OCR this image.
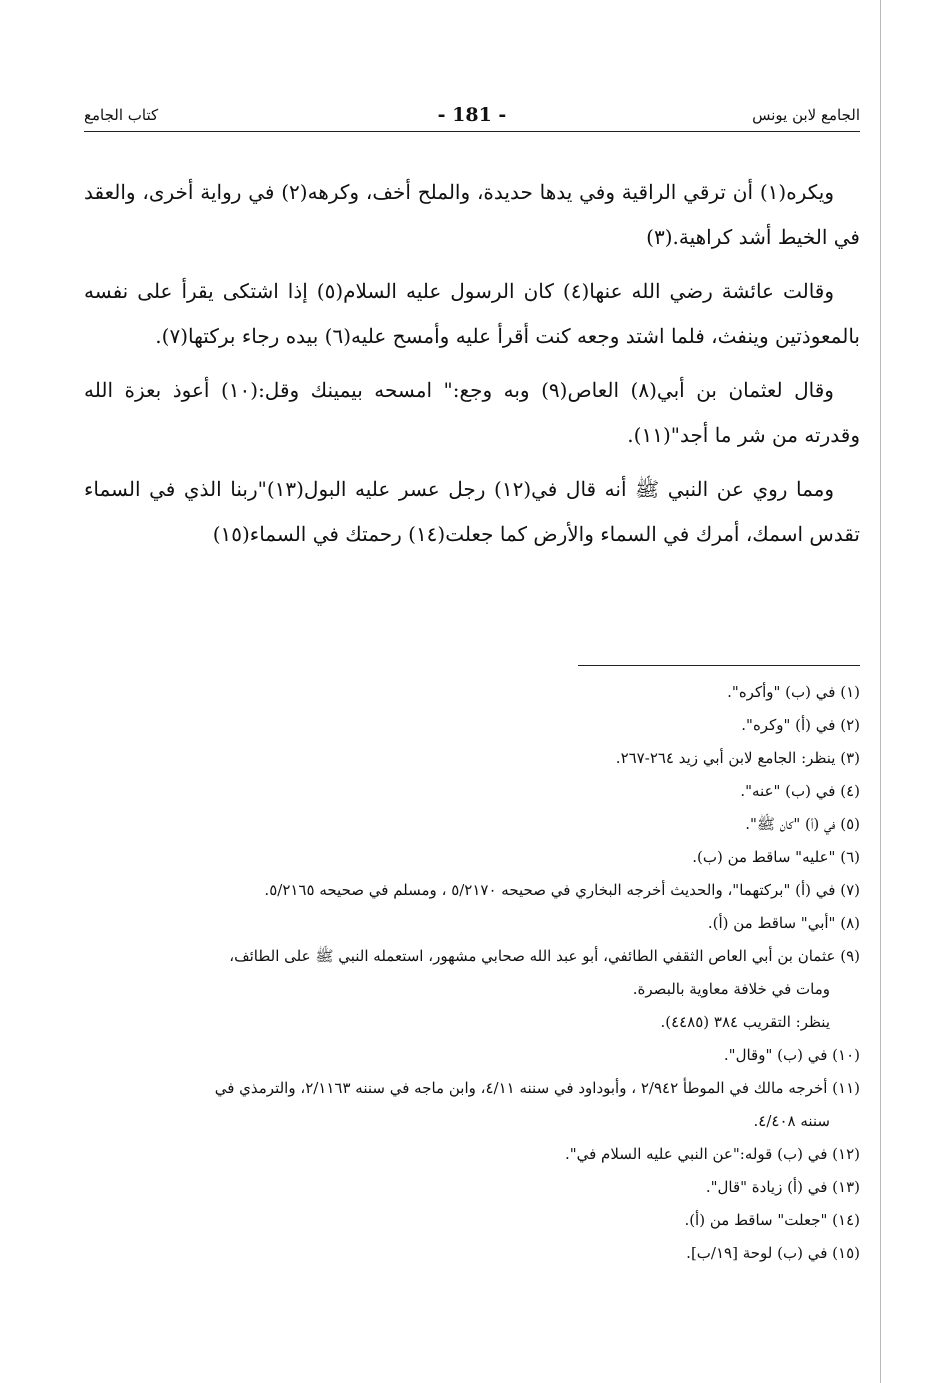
كتاب الجامع	- 181 -	الجامع لابن يونس

ويكره(١) أن ترقي الراقية وفي يدها حديدة، والملح أخف، وكرهه(٢) في رواية أخرى، والعقد في الخيط أشد كراهية.(٣)

وقالت عائشة رضي الله عنها(٤) كان الرسول عليه السلام(٥) إذا اشتكى يقرأ على نفسه بالمعوذتين وينفث، فلما اشتد وجعه كنت أقرأ عليه وأمسح عليه(٦) بيده رجاء بركتها(٧).

وقال لعثمان بن أبي(٨) العاص(٩) وبه وجع:" امسحه بيمينك وقل:(١٠) أعوذ بعزة الله وقدرته من شر ما أجد"(١١).

ومما روي عن النبي ﷺ أنه قال في(١٢) رجل عسر عليه البول(١٣)"ربنا الذي في السماء تقدس اسمك، أمرك في السماء والأرض كما جعلت(١٤) رحمتك في السماء(١٥)

(١) في (ب) "وأكره".

(٢) في (أ) "وكره".

(٣) ينظر: الجامع لابن أبي زيد ٢٦٤-٢٦٧.

(٤) في (ب) "عنه".

(٥) في (أ) "كان ﷺ".

(٦) "عليه" ساقط من (ب).

(٧) في (أ) "بركتهما"، والحديث أخرجه البخاري في صحيحه ٥/٢١٧٠ ، ومسلم في صحيحه ٥/٢١٦٥.

(٨) "أبي" ساقط من (أ).

(٩) عثمان بن أبي العاص الثقفي الطائفي، أبو عبد الله صحابي مشهور، استعمله النبي ﷺ على الطائف،

ومات في خلافة معاوية بالبصرة.

ينظر: التقريب ٣٨٤ (٤٤٨٥).

(١٠) في (ب) "وقال".

(١١) أخرجه مالك في الموطأ ٢/٩٤٢ ، وأبوداود في سننه ٤/١١، وابن ماجه في سننه ٢/١١٦٣، والترمذي في

سننه ٤/٤٠٨.

(١٢) في (ب) قوله:"عن النبي عليه السلام في".

(١٣) في (أ) زيادة "قال".

(١٤) "جعلت" ساقط من (أ).

(١٥) في (ب) لوحة [١٩/ب].
